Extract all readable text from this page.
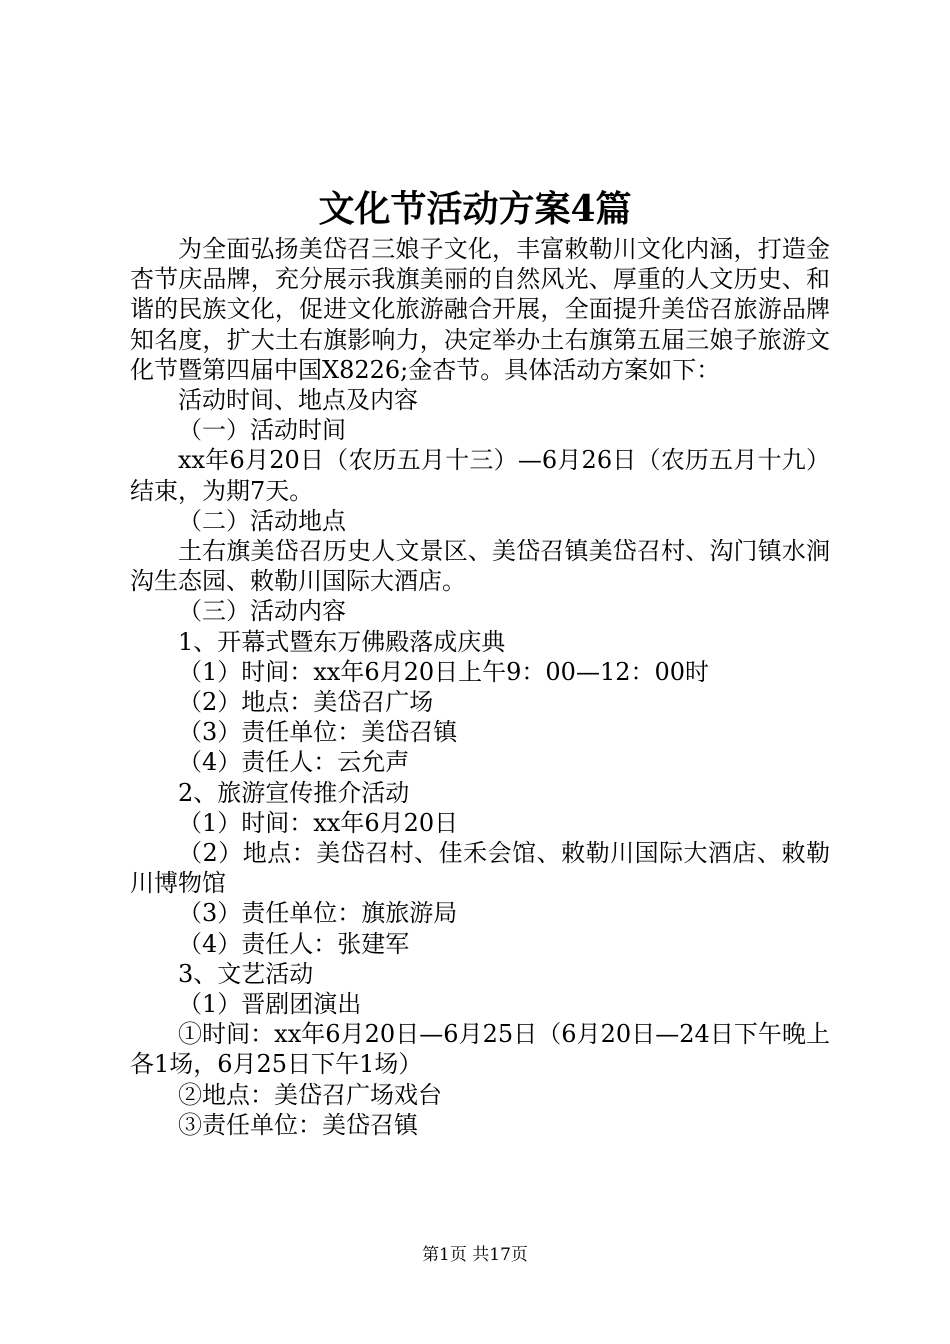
文化节活动方案4篇

为全面弘扬美岱召三娘子文化，丰富敕勒川文化内涵，打造金杏节庆品牌，充分展示我旗美丽的自然风光、厚重的人文历史、和谐的民族文化，促进文化旅游融合开展，全面提升美岱召旅游品牌知名度，扩大土右旗影响力，决定举办土右旗第五届三娘子旅游文化节暨第四届中国X8226;金杏节。具体活动方案如下：

活动时间、地点及内容

（一）活动时间

xx年6月20日（农历五月十三）—6月26日（农历五月十九）结束，为期7天。

（二）活动地点

土右旗美岱召历史人文景区、美岱召镇美岱召村、沟门镇水涧沟生态园、敕勒川国际大酒店。

（三）活动内容

1、开幕式暨东万佛殿落成庆典

（1）时间：xx年6月20日上午9：00—12：00时

（2）地点：美岱召广场

（3）责任单位：美岱召镇

（4）责任人：云允声

2、旅游宣传推介活动

（1）时间：xx年6月20日

（2）地点：美岱召村、佳禾会馆、敕勒川国际大酒店、敕勒川博物馆

（3）责任单位：旗旅游局

（4）责任人：张建军

3、文艺活动

（1）晋剧团演出

①时间：xx年6月20日—6月25日（6月20日—24日下午晚上各1场，6月25日下午1场）

②地点：美岱召广场戏台

③责任单位：美岱召镇

第1页 共17页
